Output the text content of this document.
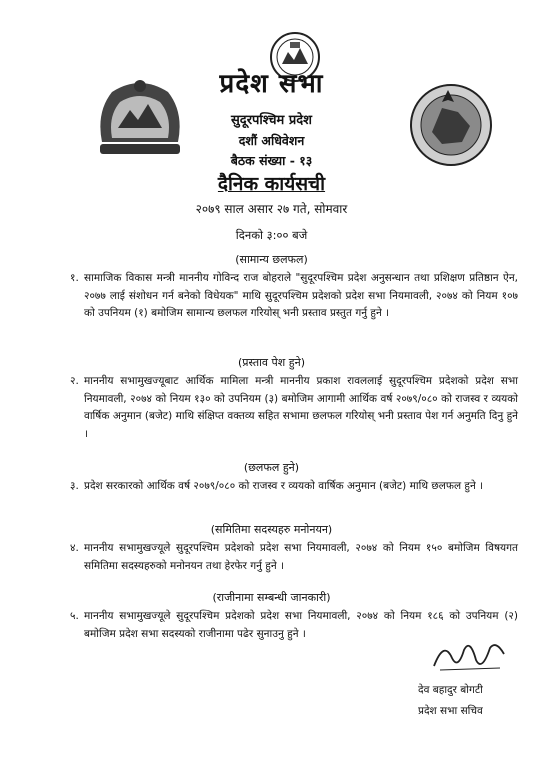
प्रदेश सभा
सुदूरपश्चिम प्रदेश
दशौं अधिवेशन
बैठक संख्या - १३
दैनिक कार्यसची
२०७९ साल असार २७ गते, सोमवार
दिनको ३:०० बजे
(सामान्य छलफल)
१. सामाजिक विकास मन्त्री माननीय गोविन्द राज बोहराले "सुदूरपश्चिम प्रदेश अनुसन्धान तथा प्रशिक्षण प्रतिष्ठान ऐन, २०७७ लाई संशोधन गर्न बनेको विधेयक" माथि सुदूरपश्चिम प्रदेशको प्रदेश सभा नियमावली, २०७४ को नियम १०७ को उपनियम (१) बमोजिम सामान्य छलफल गरियोस् भनी प्रस्ताव प्रस्तुत गर्नु हुने ।
(प्रस्ताव पेश हुने)
२. माननीय सभामुखज्यूबाट आर्थिक मामिला मन्त्री माननीय प्रकाश रावललाई सुदूरपश्चिम प्रदेशको प्रदेश सभा नियमावली, २०७४ को नियम १३० को उपनियम (३) बमोजिम आगामी आर्थिक वर्ष २०७९/०८० को राजस्व र व्ययको वार्षिक अनुमान (बजेट) माथि संक्षिप्त वक्तव्य सहित सभामा छलफल गरियोस् भनी प्रस्ताव पेश गर्न अनुमति दिनु हुने ।
(छलफल हुने)
३. प्रदेश सरकारको आर्थिक वर्ष २०७९/०८० को राजस्व र व्ययको वार्षिक अनुमान (बजेट) माथि छलफल हुने ।
(समितिमा सदस्यहरु मनोनयन)
४. माननीय सभामुखज्यूले सुदूरपश्चिम प्रदेशको प्रदेश सभा नियमावली, २०७४ को नियम १५० बमोजिम विषयगत समितिमा सदस्यहरुको मनोनयन तथा हेरफेर गर्नु हुने ।
(राजीनामा सम्बन्धी जानकारी)
५. माननीय सभामुखज्यूले सुदूरपश्चिम प्रदेशको प्रदेश सभा नियमावली, २०७४ को नियम १८६ को उपनियम (२) बमोजिम प्रदेश सभा सदस्यको राजीनामा पढेर सुनाउनु हुने ।
देव बहादुर बोगटी
प्रदेश सभा सचिव
